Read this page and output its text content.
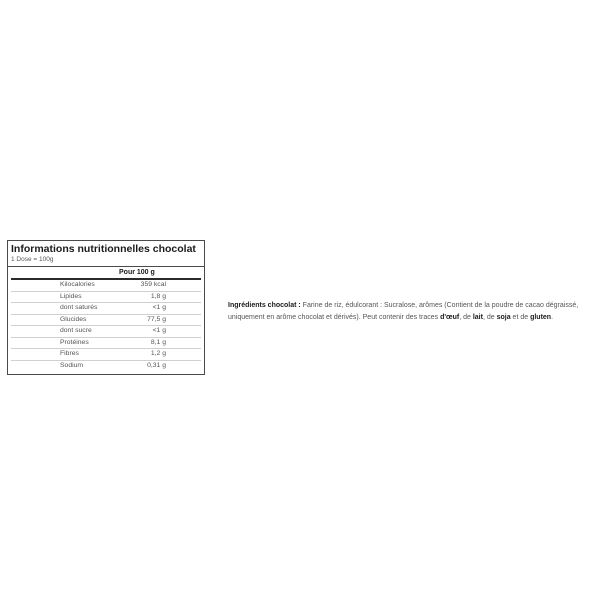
Informations nutritionnelles chocolat
1 Dose = 100g
Pour 100 g
Kilocalories	359 kcal
Lipides	1,8 g
dont saturés	<1 g
Glucides	77,5 g
dont sucre	<1 g
Protéines	8,1 g
Fibres	1,2 g
Sodium	0,31 g
Ingrédients chocolat : Farine de riz, édulcorant : Sucralose, arômes (Contient de la poudre de cacao dégraissé, uniquement en arôme chocolat et dérivés). Peut contenir des traces d'œuf, de lait, de soja et de gluten.
